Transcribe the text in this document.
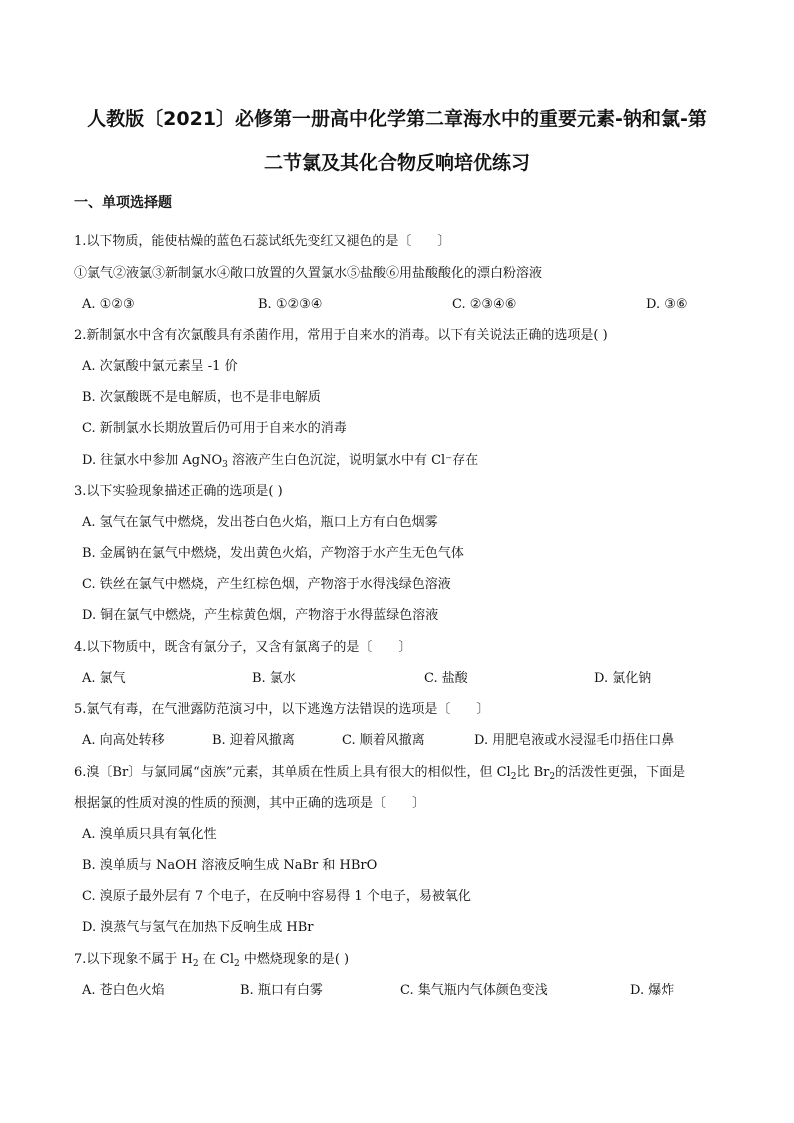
人教版〔2021〕必修第一册高中化学第二章海水中的重要元素-钠和氯-第
二节氯及其化合物反响培优练习
一、单项选择题
1.以下物质，能使枯燥的蓝色石蕊试纸先变红又褪色的是〔　　〕
①氯气②液氯③新制氯水④敞口放置的久置氯水⑤盐酸⑥用盐酸酸化的漂白粉溶液
A. ①②③	B. ①②③④	C. ②③④⑥	D. ③⑥
2.新制氯水中含有次氯酸具有杀菌作用，常用于自来水的消毒。以下有关说法正确的选项是( )
A. 次氯酸中氯元素呈 -1 价
B. 次氯酸既不是电解质，也不是非电解质
C. 新制氯水长期放置后仍可用于自来水的消毒
D. 往氯水中参加 AgNO$_3$ 溶液产生白色沉淀，说明氯水中有 Cl⁻存在
3.以下实验现象描述正确的选项是( )
A. 氢气在氯气中燃烧，发出苍白色火焰，瓶口上方有白色烟雾
B. 金属钠在氯气中燃烧，发出黄色火焰，产物溶于水产生无色气体
C. 铁丝在氯气中燃烧，产生红棕色烟，产物溶于水得浅绿色溶液
D. 铜在氯气中燃烧，产生棕黄色烟，产物溶于水得蓝绿色溶液
4.以下物质中，既含有氯分子，又含有氯离子的是〔　　〕
A. 氯气	B. 氯水	C. 盐酸	D. 氯化钠
5.氯气有毒，在气泄露防范演习中，以下逃逸方法错误的选项是〔　　〕
A. 向高处转移	B. 迎着风撤离	C. 顺着风撤离	D. 用肥皂液或水浸湿毛巾捂住口鼻
6.溴〔Br〕与氯同属“卤族”元素，其单质在性质上具有很大的相似性，但 $Cl_2$比 $Br_2$的活泼性更强，下面是
根据氯的性质对溴的性质的预测，其中正确的选项是〔　　〕
A. 溴单质只具有氧化性
B. 溴单质与 NaOH 溶液反响生成 NaBr 和 HBrO
C. 溴原子最外层有 7 个电子，在反响中容易得 1 个电子，易被氧化
D. 溴蒸气与氢气在加热下反响生成 HBr
7.以下现象不属于 $H_2$ 在 $Cl_2$ 中燃烧现象的是( )
A. 苍白色火焰	B. 瓶口有白雾	C. 集气瓶内气体颜色变浅	D. 爆炸
